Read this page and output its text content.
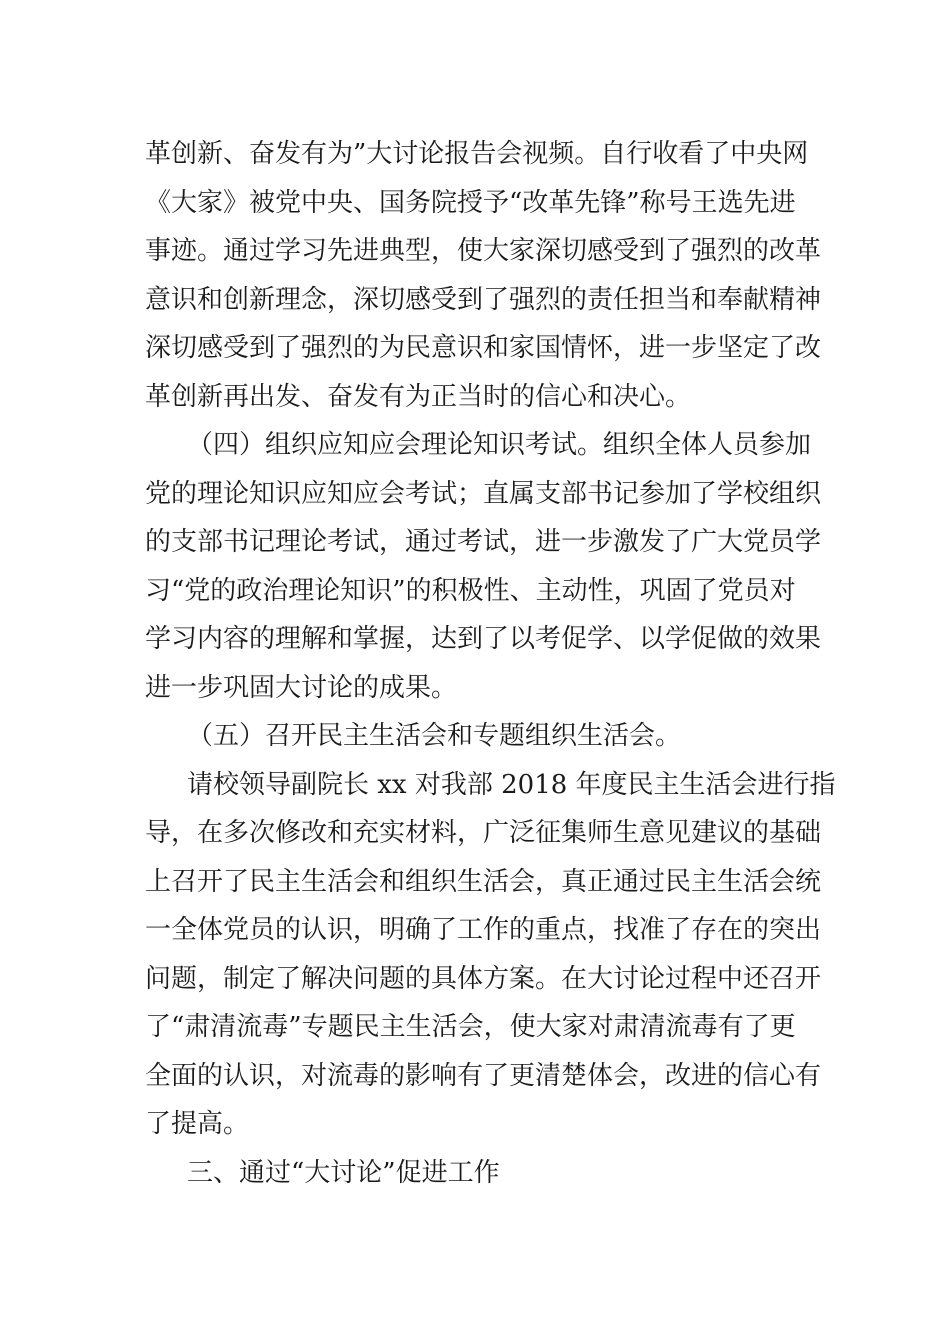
革创新、奋发有为”大讨论报告会视频。自行收看了中央网
《大家》被党中央、国务院授予“改革先锋”称号王选先进
事迹。通过学习先进典型，使大家深切感受到了强烈的改革
意识和创新理念，深切感受到了强烈的责任担当和奉献精神
深切感受到了强烈的为民意识和家国情怀，进一步坚定了改
革创新再出发、奋发有为正当时的信心和决心。
（四）组织应知应会理论知识考试。组织全体人员参加
党的理论知识应知应会考试；直属支部书记参加了学校组织
的支部书记理论考试，通过考试，进一步激发了广大党员学
习“党的政治理论知识”的积极性、主动性，巩固了党员对
学习内容的理解和掌握，达到了以考促学、以学促做的效果
进一步巩固大讨论的成果。
（五）召开民主生活会和专题组织生活会。
请校领导副院长 xx 对我部 2018 年度民主生活会进行指
导，在多次修改和充实材料，广泛征集师生意见建议的基础
上召开了民主生活会和组织生活会，真正通过民主生活会统
一全体党员的认识，明确了工作的重点，找准了存在的突出
问题，制定了解决问题的具体方案。在大讨论过程中还召开
了“肃清流毒”专题民主生活会，使大家对肃清流毒有了更
全面的认识，对流毒的影响有了更清楚体会，改进的信心有
了提高。
三、通过“大讨论”促进工作
